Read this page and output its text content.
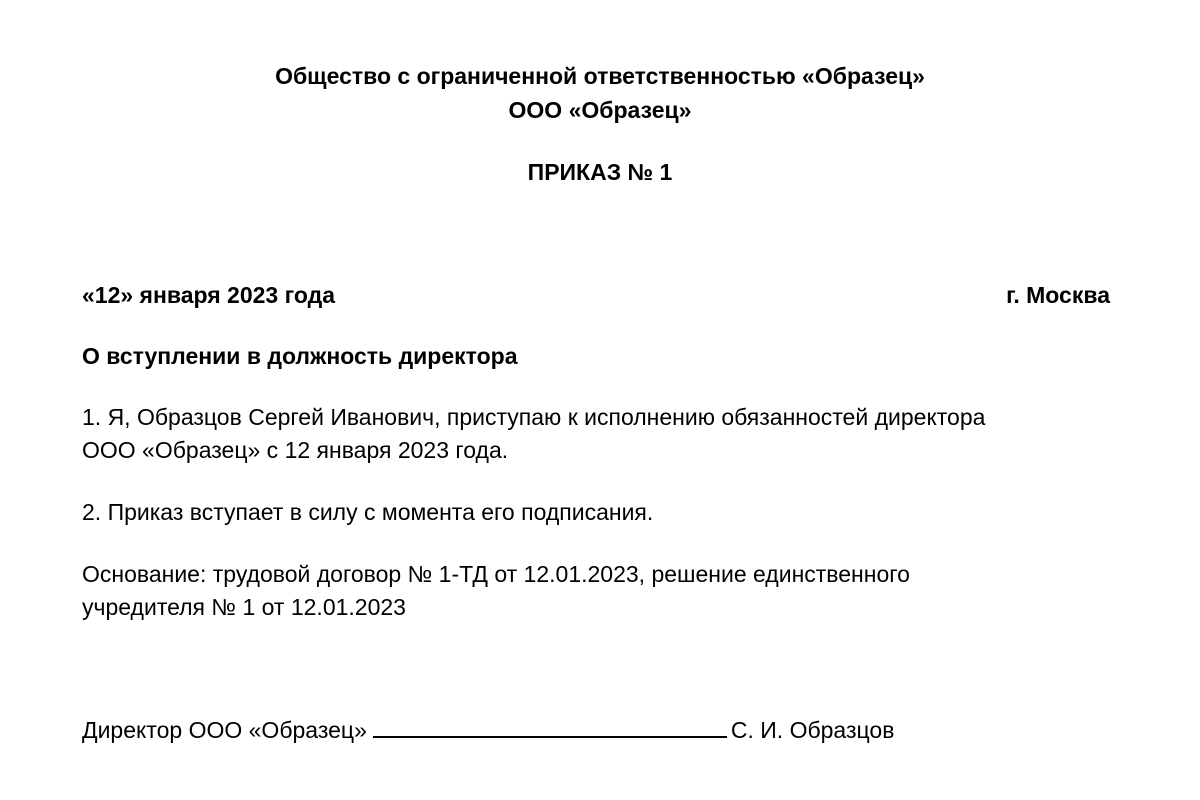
Общество с ограниченной ответственностью «Образец»
ООО «Образец»
ПРИКАЗ № 1
«12» января 2023 года	г. Москва
О вступлении в должность директора
1. Я, Образцов Сергей Иванович, приступаю к исполнению обязанностей директора
ООО «Образец» с 12 января 2023 года.
2. Приказ вступает в силу с момента его подписания.
Основание: трудовой договор № 1-ТД от 12.01.2023, решение единственного
учредителя № 1 от 12.01.2023
Директор ООО «Образец»	С. И. Образцов
